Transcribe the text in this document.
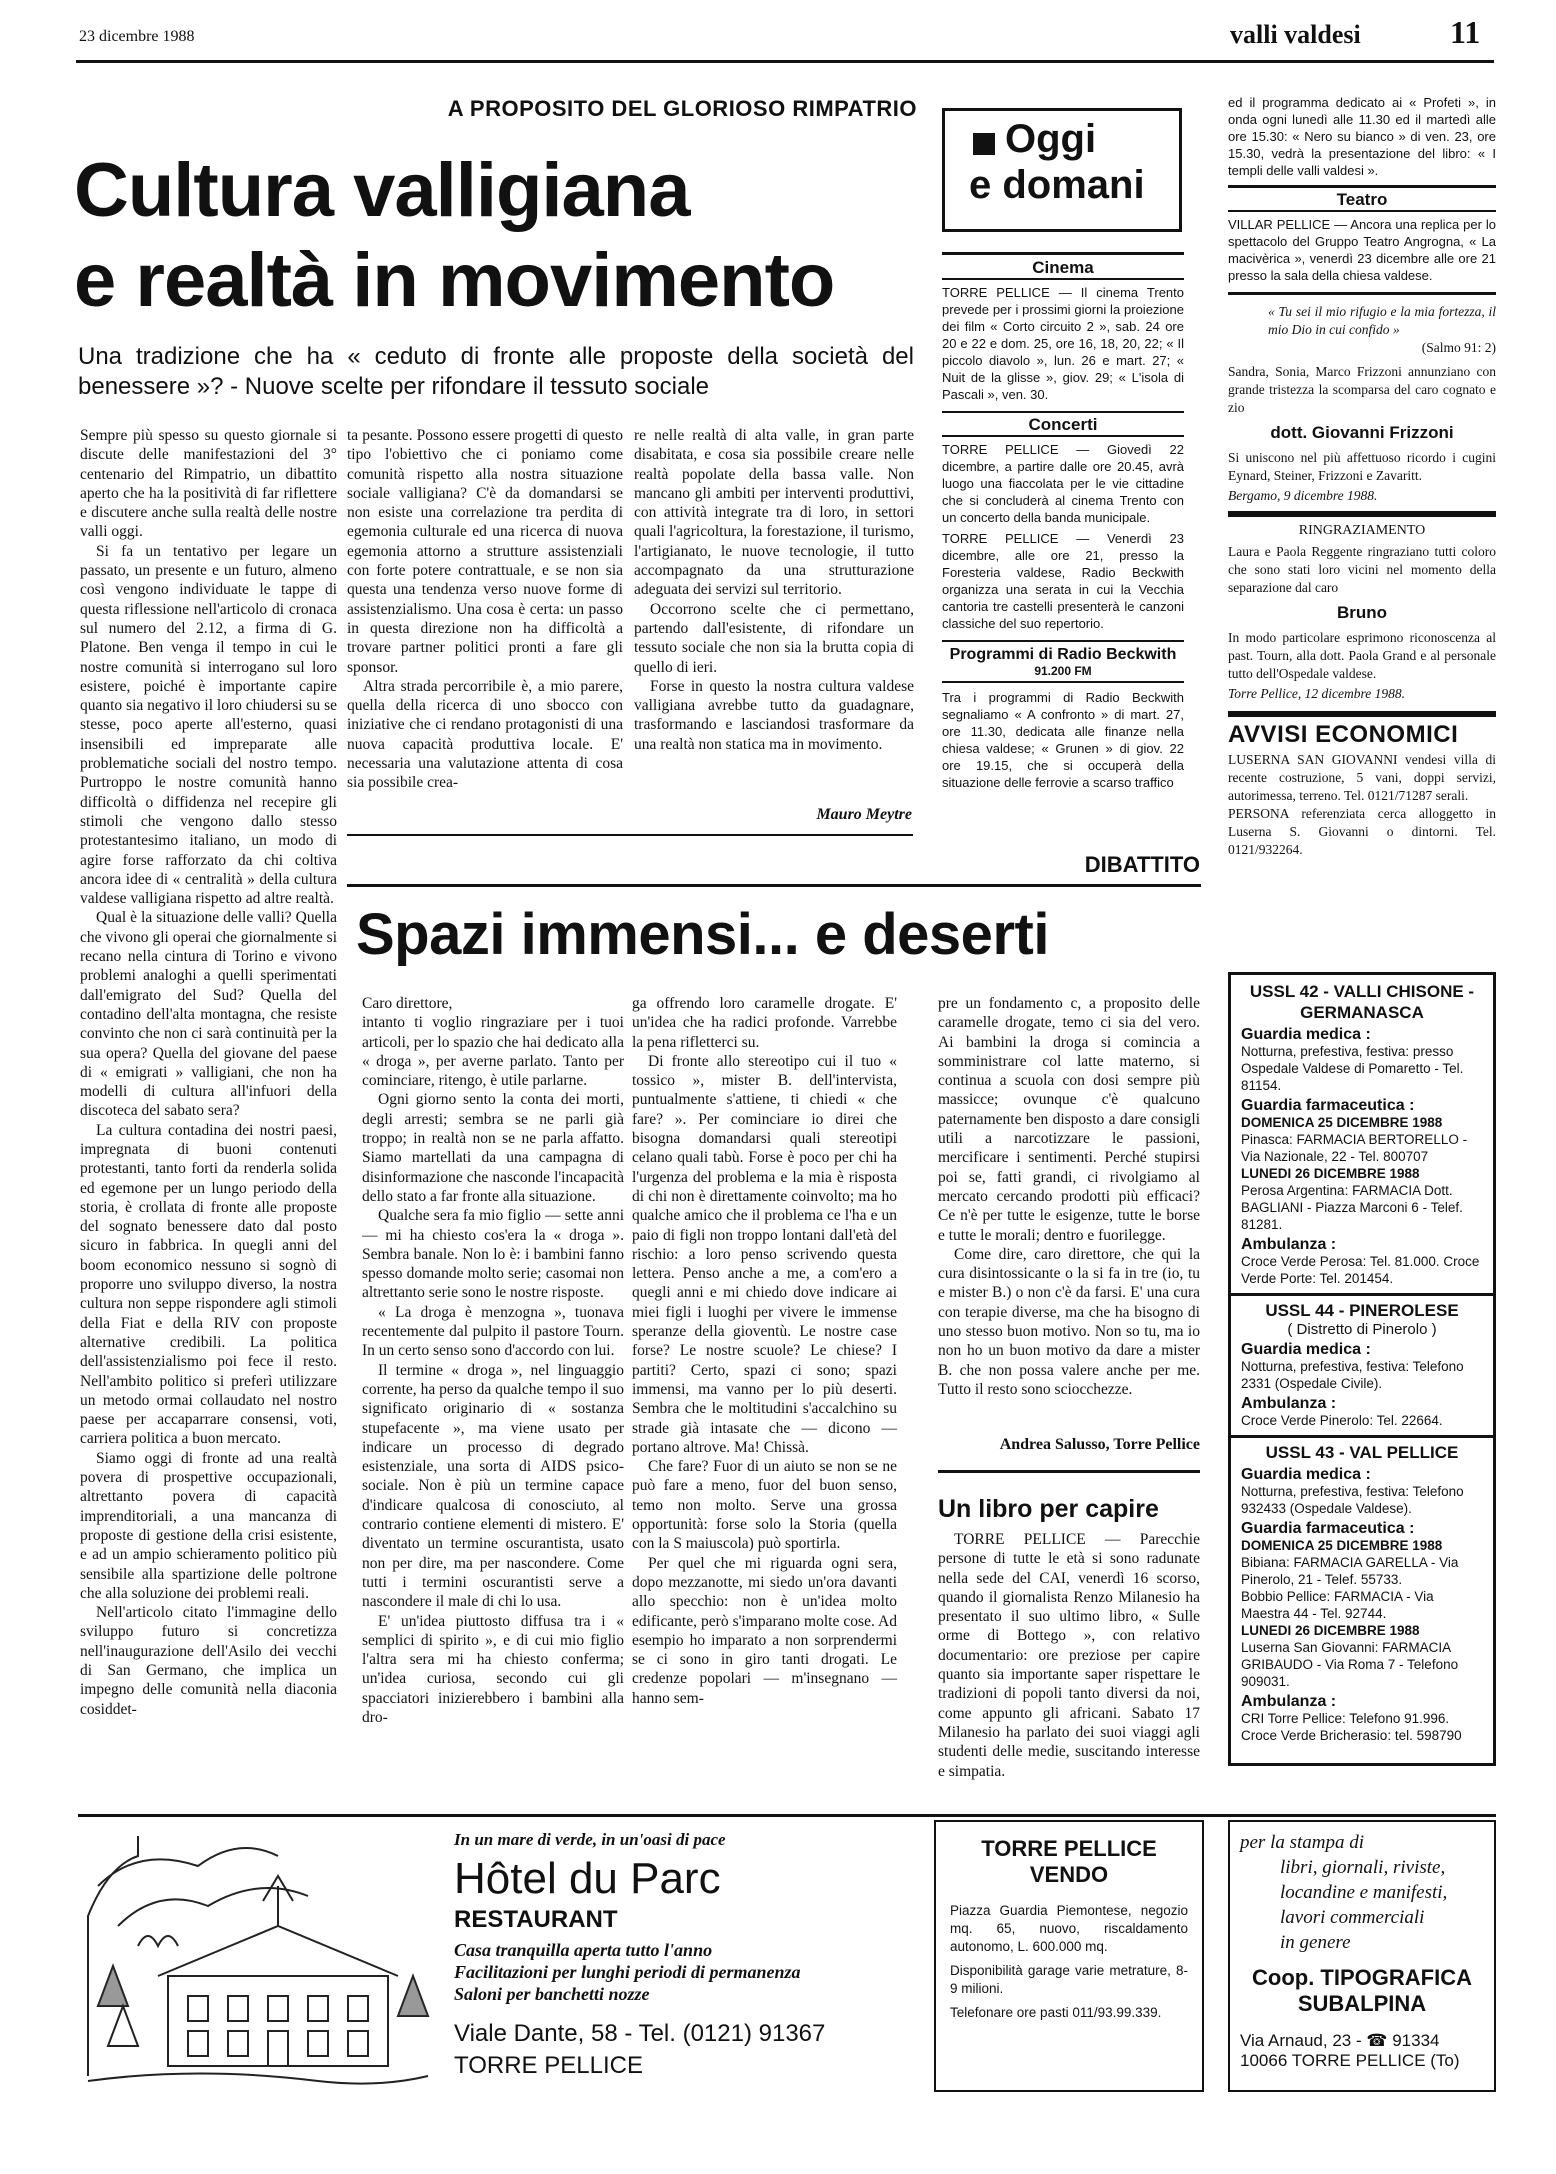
23 dicembre 1988	valli valdesi	11
A PROPOSITO DEL GLORIOSO RIMPATRIO
Cultura valligiana
e realtà in movimento
Una tradizione che ha « ceduto di fronte alle proposte della società del benessere »? - Nuove scelte per rifondare il tessuto sociale

Sempre più spesso su questo giornale si discute delle manifestazioni del 3° centenario del Rimpatrio, un dibattito aperto che ha la positività di far riflettere e discutere anche sulla realtà delle nostre valli oggi.

Si fa un tentativo per legare un passato, un presente e un futuro, almeno così vengono individuate le tappe di questa riflessione nell'articolo di cronaca sul numero del 2.12, a firma di G. Platone. Ben venga il tempo in cui le nostre comunità si interrogano sul loro esistere, poiché è importante capire quanto sia negativo il loro chiudersi su se stesse, poco aperte all'esterno, quasi insensibili ed impreparate alle problematiche sociali del nostro tempo. Purtroppo le nostre comunità hanno difficoltà o diffidenza nel recepire gli stimoli che vengono dallo stesso protestantesimo italiano, un modo di agire forse rafforzato da chi coltiva ancora idee di « centralità » della cultura valdese valligiana rispetto ad altre realtà.

Qual è la situazione delle valli? Quella che vivono gli operai che giornalmente si recano nella cintura di Torino e vivono problemi analoghi a quelli sperimentati dall'emigrato del Sud? Quella del contadino dell'alta montagna, che resiste convinto che non ci sarà continuità per la sua opera? Quella del giovane del paese di « emigrati » valligiani, che non ha modelli di cultura all'infuori della discoteca del sabato sera?

La cultura contadina dei nostri paesi, impregnata di buoni contenuti protestanti, tanto forti da renderla solida ed egemone per un lungo periodo della storia, è crollata di fronte alle proposte del sognato benessere dato dal posto sicuro in fabbrica. In quegli anni del boom economico nessuno si sognò di proporre uno sviluppo diverso, la nostra cultura non seppe rispondere agli stimoli della Fiat e della RIV con proposte alternative credibili. La politica dell'assistenzialismo poi fece il resto. Nell'ambito politico si preferì utilizzare un metodo ormai collaudato nel nostro paese per accaparrare consensi, voti, carriera politica a buon mercato.

Siamo oggi di fronte ad una realtà povera di prospettive occupazionali, altrettanto povera di capacità imprenditoriali, a una mancanza di proposte di gestione della crisi esistente, e ad un ampio schieramento politico più sensibile alla spartizione delle poltrone che alla soluzione dei problemi reali.

Nell'articolo citato l'immagine dello sviluppo futuro si concretizza nell'inaugurazione dell'Asilo dei vecchi di San Germano, che implica un impegno delle comunità nella diaconia cosiddet-

ta pesante. Possono essere progetti di questo tipo l'obiettivo che ci poniamo come comunità rispetto alla nostra situazione sociale valligiana? C'è da domandarsi se non esiste una correlazione tra perdita di egemonia culturale ed una ricerca di nuova egemonia attorno a strutture assistenziali con forte potere contrattuale, e se non sia questa una tendenza verso nuove forme di assistenzialismo. Una cosa è certa: un passo in questa direzione non ha difficoltà a trovare partner politici pronti a fare gli sponsor.

Altra strada percorribile è, a mio parere, quella della ricerca di uno sbocco con iniziative che ci rendano protagonisti di una nuova capacità produttiva locale. E' necessaria una valutazione attenta di cosa sia possibile crea-

re nelle realtà di alta valle, in gran parte disabitata, e cosa sia possibile creare nelle realtà popolate della bassa valle. Non mancano gli ambiti per interventi produttivi, con attività integrate tra di loro, in settori quali l'agricoltura, la forestazione, il turismo, l'artigianato, le nuove tecnologie, il tutto accompagnato da una strutturazione adeguata dei servizi sul territorio.

Occorrono scelte che ci permettano, partendo dall'esistente, di rifondare un tessuto sociale che non sia la brutta copia di quello di ieri.

Forse in questo la nostra cultura valdese valligiana avrebbe tutto da guadagnare, trasformando e lasciandosi trasformare da una realtà non statica ma in movimento.

Mauro Meytre
Oggi
e domani
Cinema
TORRE PELLICE — Il cinema Trento prevede per i prossimi giorni la proiezione dei film « Corto circuito 2 », sab. 24 ore 20 e 22 e dom. 25, ore 16, 18, 20, 22; « Il piccolo diavolo », lun. 26 e mart. 27; « Nuit de la glisse », giov. 29; « L'isola di Pascali », ven. 30.
Concerti
TORRE PELLICE — Giovedì 22 dicembre, a partire dalle ore 20.45, avrà luogo una fiaccolata per le vie cittadine che si concluderà al cinema Trento con un concerto della banda municipale.
TORRE PELLICE — Venerdì 23 dicembre, alle ore 21, presso la Foresteria valdese, Radio Beckwith organizza una serata in cui la Vecchia cantoria tre castelli presenterà le canzoni classiche del suo repertorio.
Programmi di Radio Beckwith
91.200 FM
Tra i programmi di Radio Beckwith segnaliamo « A confronto » di mart. 27, ore 11.30, dedicata alle finanze nella chiesa valdese; « Grunen » di giov. 22 ore 19.15, che si occuperà della situazione delle ferrovie a scarso traffico
ed il programma dedicato ai « Profeti », in onda ogni lunedì alle 11.30 ed il martedì alle ore 15.30: « Nero su bianco » di ven. 23, ore 15.30, vedrà la presentazione del libro: « I templi delle valli valdesi ».
Teatro
VILLAR PELLICE — Ancora una replica per lo spettacolo del Gruppo Teatro Angrogna, « La macivèrica », venerdì 23 dicembre alle ore 21 presso la sala della chiesa valdese.
« Tu sei il mio rifugio e la mia fortezza, il mio Dio in cui confido »
(Salmo 91: 2)
Sandra, Sonia, Marco Frizzoni annunziano con grande tristezza la scomparsa del caro cognato e zio
dott. Giovanni Frizzoni
Si uniscono nel più affettuoso ricordo i cugini Eynard, Steiner, Frizzoni e Zavaritt.
Bergamo, 9 dicembre 1988.
RINGRAZIAMENTO
Laura e Paola Reggente ringraziano tutti coloro che sono stati loro vicini nel momento della separazione dal caro
Bruno
In modo particolare esprimono riconoscenza al past. Tourn, alla dott. Paola Grand e al personale tutto dell'Ospedale valdese.
Torre Pellice, 12 dicembre 1988.
AVVISI ECONOMICI
LUSERNA SAN GIOVANNI vendesi villa di recente costruzione, 5 vani, doppi servizi, autorimessa, terreno. Tel. 0121/71287 serali.
PERSONA referenziata cerca alloggetto in Luserna S. Giovanni o dintorni. Tel. 0121/932264.
USSL 42 - VALLI CHISONE - GERMANASCA
Guardia medica :
Notturna, prefestiva, festiva: presso Ospedale Valdese di Pomaretto - Tel. 81154.
Guardia farmaceutica :
DOMENICA 25 DICEMBRE 1988
Pinasca: FARMACIA BERTORELLO - Via Nazionale, 22 - Tel. 800707
LUNEDI 26 DICEMBRE 1988
Perosa Argentina: FARMACIA Dott. BAGLIANI - Piazza Marconi 6 - Telef. 81281.
Ambulanza :
Croce Verde Perosa: Tel. 81.000. Croce Verde Porte: Tel. 201454.
USSL 44 - PINEROLESE
( Distretto di Pinerolo )
Guardia medica :
Notturna, prefestiva, festiva: Telefono 2331 (Ospedale Civile).
Ambulanza :
Croce Verde Pinerolo: Tel. 22664.
USSL 43 - VAL PELLICE
Guardia medica :
Notturna, prefestiva, festiva: Telefono 932433 (Ospedale Valdese).
Guardia farmaceutica :
DOMENICA 25 DICEMBRE 1988
Bibiana: FARMACIA GARELLA - Via Pinerolo, 21 - Telef. 55733.
Bobbio Pellice: FARMACIA - Via Maestra 44 - Tel. 92744.
LUNEDI 26 DICEMBRE 1988
Luserna San Giovanni: FARMACIA GRIBAUDO - Via Roma 7 - Telefono 909031.
Ambulanza :
CRI Torre Pellice: Telefono 91.996. Croce Verde Bricherasio: tel. 598790
DIBATTITO
Spazi immensi... e deserti

Caro direttore,

intanto ti voglio ringraziare per i tuoi articoli, per lo spazio che hai dedicato alla « droga », per averne parlato. Tanto per cominciare, ritengo, è utile parlarne.

Ogni giorno sento la conta dei morti, degli arresti; sembra se ne parli già troppo; in realtà non se ne parla affatto. Siamo martellati da una campagna di disinformazione che nasconde l'incapacità dello stato a far fronte alla situazione.

Qualche sera fa mio figlio — sette anni — mi ha chiesto cos'era la « droga ». Sembra banale. Non lo è: i bambini fanno spesso domande molto serie; casomai non altrettanto serie sono le nostre risposte.

« La droga è menzogna », tuonava recentemente dal pulpito il pastore Tourn. In un certo senso sono d'accordo con lui.

Il termine « droga », nel linguaggio corrente, ha perso da qualche tempo il suo significato originario di « sostanza stupefacente », ma viene usato per indicare un processo di degrado esistenziale, una sorta di AIDS psico-sociale. Non è più un termine capace d'indicare qualcosa di conosciuto, al contrario contiene elementi di mistero. E' diventato un termine oscurantista, usato non per dire, ma per nascondere. Come tutti i termini oscurantisti serve a nascondere il male di chi lo usa.

E' un'idea piuttosto diffusa tra i « semplici di spirito », e di cui mio figlio l'altra sera mi ha chiesto conferma; un'idea curiosa, secondo cui gli spacciatori inizierebbero i bambini alla dro-

ga offrendo loro caramelle drogate. E' un'idea che ha radici profonde. Varrebbe la pena rifletterci su.

Di fronte allo stereotipo cui il tuo « tossico », mister B. dell'intervista, puntualmente s'attiene, ti chiedi « che fare? ». Per cominciare io direi che bisogna domandarsi quali stereotipi celano quali tabù. Forse è poco per chi ha l'urgenza del problema e la mia è risposta di chi non è direttamente coinvolto; ma ho qualche amico che il problema ce l'ha e un paio di figli non troppo lontani dall'età del rischio: a loro penso scrivendo questa lettera. Penso anche a me, a com'ero a quegli anni e mi chiedo dove indicare ai miei figli i luoghi per vivere le immense speranze della gioventù. Le nostre case forse? Le nostre scuole? Le chiese? I partiti? Certo, spazi ci sono; spazi immensi, ma vanno per lo più deserti. Sembra che le moltitudini s'accalchino su strade già intasate che — dicono — portano altrove. Ma! Chissà.

Che fare? Fuor di un aiuto se non se ne può fare a meno, fuor del buon senso, temo non molto. Serve una grossa opportunità: forse solo la Storia (quella con la S maiuscola) può sportirla.

Per quel che mi riguarda ogni sera, dopo mezzanotte, mi siedo un'ora davanti allo specchio: non è un'idea molto edificante, però s'imparano molte cose. Ad esempio ho imparato a non sorprendermi se ci sono in giro tanti drogati. Le credenze popolari — m'insegnano — hanno sem-

pre un fondamento c, a proposito delle caramelle drogate, temo ci sia del vero. Ai bambini la droga si comincia a somministrare col latte materno, si continua a scuola con dosi sempre più massicce; ovunque c'è qualcuno paternamente ben disposto a dare consigli utili a narcotizzare le passioni, mercificare i sentimenti. Perché stupirsi poi se, fatti grandi, ci rivolgiamo al mercato cercando prodotti più efficaci? Ce n'è per tutte le esigenze, tutte le borse e tutte le morali; dentro e fuorilegge.

Come dire, caro direttore, che qui la cura disintossicante o la si fa in tre (io, tu e mister B.) o non c'è da farsi. E' una cura con terapie diverse, ma che ha bisogno di uno stesso buon motivo. Non so tu, ma io non ho un buon motivo da dare a mister B. che non possa valere anche per me. Tutto il resto sono sciocchezze.

Andrea Salusso, Torre Pellice
Un libro per capire

TORRE PELLICE — Parecchie persone di tutte le età si sono radunate nella sede del CAI, venerdì 16 scorso, quando il giornalista Renzo Milanesio ha presentato il suo ultimo libro, « Sulle orme di Bottego », con relativo documentario: ore preziose per capire quanto sia importante saper rispettare le tradizioni di popoli tanto diversi da noi, come appunto gli africani. Sabato 17 Milanesio ha parlato dei suoi viaggi agli studenti delle medie, suscitando interesse e simpatia.

In un mare di verde, in un'oasi di pace
Hôtel du Parc
RESTAURANT
Casa tranquilla aperta tutto l'anno
Facilitazioni per lunghi periodi di permanenza
Saloni per banchetti nozze
Viale Dante, 58 - Tel. (0121) 91367
TORRE PELLICE
TORRE PELLICE
VENDO
Piazza Guardia Piemontese, negozio mq. 65, nuovo, riscaldamento autonomo, L. 600.000 mq.
Disponibilità garage varie metrature, 8-9 milioni.
Telefonare ore pasti 011/93.99.339.
per la stampa di
libri, giornali, riviste,
locandine e manifesti,
lavori commerciali
in genere
Coop. TIPOGRAFICA
SUBALPINA
Via Arnaud, 23 - ☎ 91334
10066 TORRE PELLICE (To)
